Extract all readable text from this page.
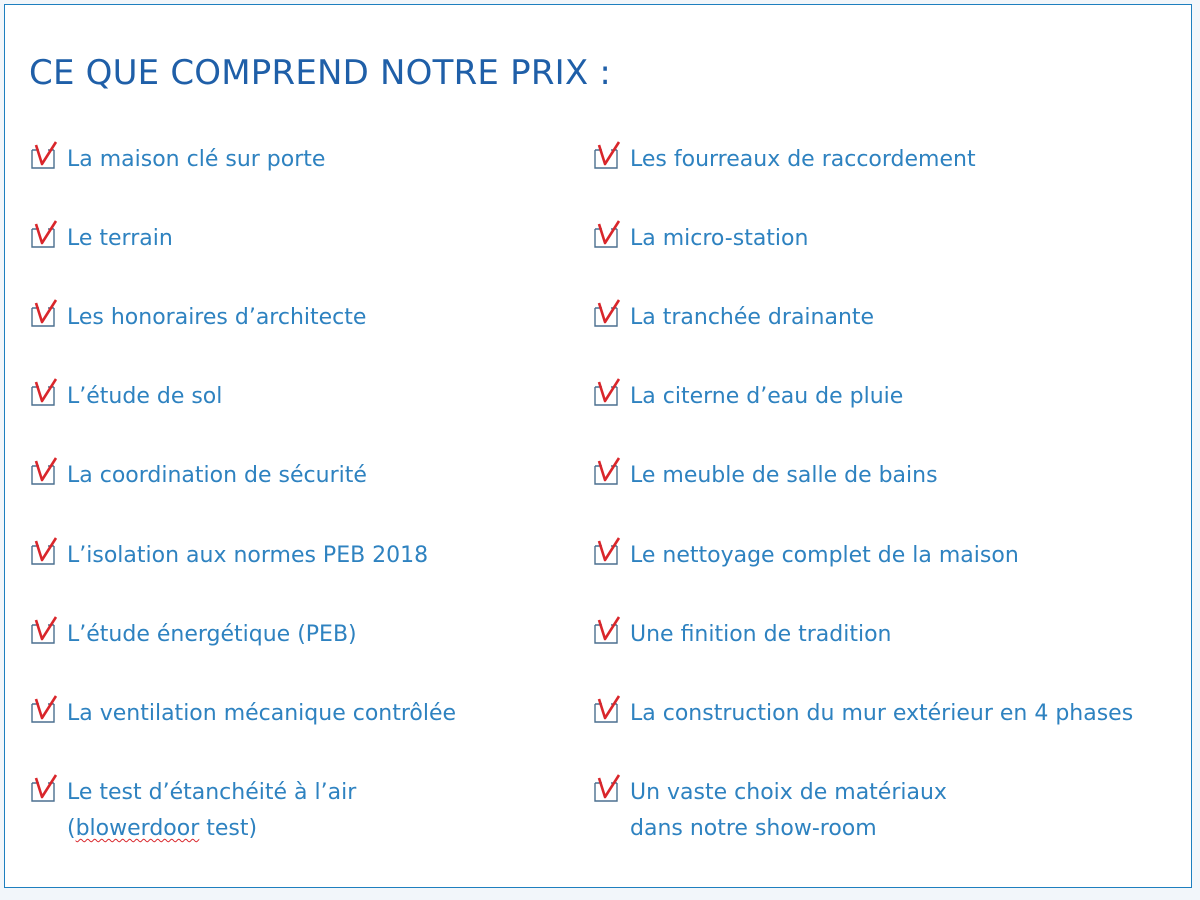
CE QUE COMPREND NOTRE PRIX :
La maison clé sur porte
Le terrain
Les honoraires d’architecte
L’étude de sol
La coordination de sécurité
L’isolation aux normes PEB 2018
L’étude énergétique (PEB)
La ventilation mécanique contrôlée
Le test d’étanchéité à l’air
(blowerdoor test)
Les fourreaux de raccordement
La micro-station
La tranchée drainante
La citerne d’eau de pluie
Le meuble de salle de bains
Le nettoyage complet de la maison
Une finition de tradition
La construction du mur extérieur en 4 phases
Un vaste choix de matériaux
dans notre show-room
